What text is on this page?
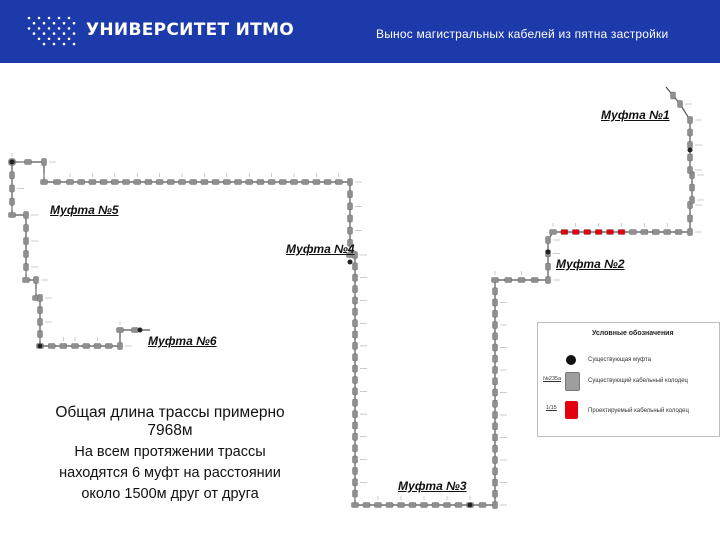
УНИВЕРСИТЕТ ИТМО	Вынос магистральных кабелей из пятна застройки
Муфта №1
Муфта №2
Муфта №3
Муфта №4
Муфта №5
Муфта №6
Общая длина трассы примерно 7968м
На всем протяжении трассы находятся 6 муфт на расстоянии около 1500м друг от друга
Условные обозначения
Существующая муфта
№235а	Существующий кабельный колодец
1/15	Проектируемый кабельный колодец
